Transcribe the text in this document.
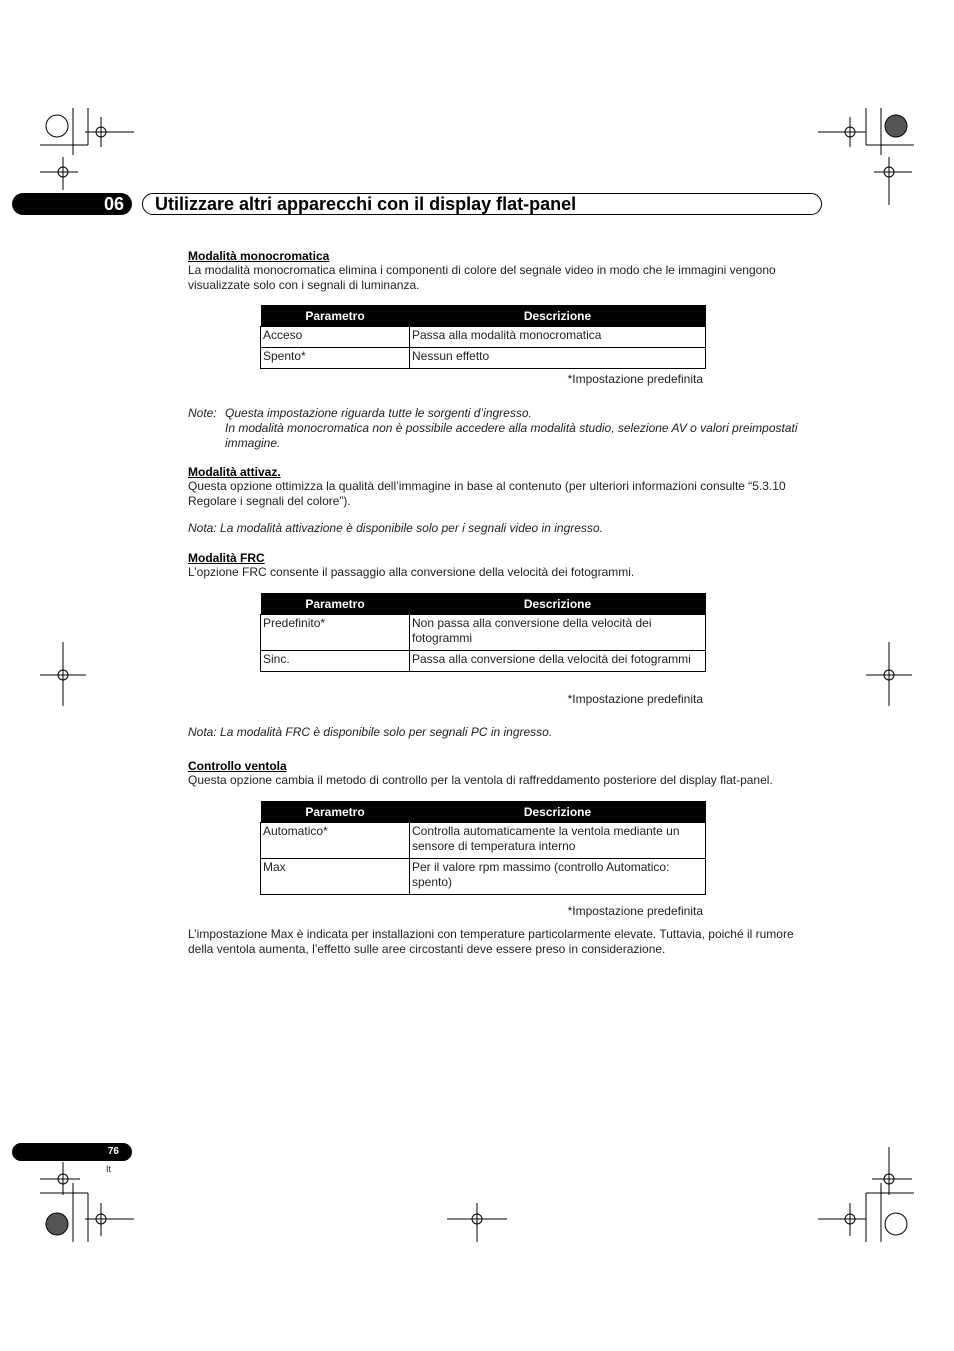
06 Utilizzare altri apparecchi con il display flat-panel
Modalità monocromatica
La modalità monocromatica elimina i componenti di colore del segnale video in modo che le immagini vengono visualizzate solo con i segnali di luminanza.
Parametro	Descrizione
Acceso	Passa alla modalità monocromatica
Spento*	Nessun effetto
*Impostazione predefinita
Note: Questa impostazione riguarda tutte le sorgenti d’ingresso.
In modalità monocromatica non è possibile accedere alla modalità studio, selezione AV o valori preimpostati immagine.
Modalità attivaz.
Questa opzione ottimizza la qualità dell’immagine in base al contenuto (per ulteriori informazioni consulte “5.3.10 Regolare i segnali del colore”).
Nota: La modalità attivazione è disponibile solo per i segnali video in ingresso.
Modalità FRC
L’opzione FRC consente il passaggio alla conversione della velocità dei fotogrammi.
Parametro	Descrizione
Predefinito*	Non passa alla conversione della velocità dei fotogrammi
Sinc.	Passa alla conversione della velocità dei fotogrammi
*Impostazione predefinita
Nota: La modalità FRC è disponibile solo per segnali PC in ingresso.
Controllo ventola
Questa opzione cambia il metodo di controllo per la ventola di raffreddamento posteriore del display flat-panel.
Parametro	Descrizione
Automatico*	Controlla automaticamente la ventola mediante un sensore di temperatura interno
Max	Per il valore rpm massimo (controllo Automatico: spento)
*Impostazione predefinita
L’impostazione Max è indicata per installazioni con temperature particolarmente elevate. Tuttavia, poiché il rumore della ventola aumenta, l’effetto sulle aree circostanti deve essere preso in considerazione.
76
It
